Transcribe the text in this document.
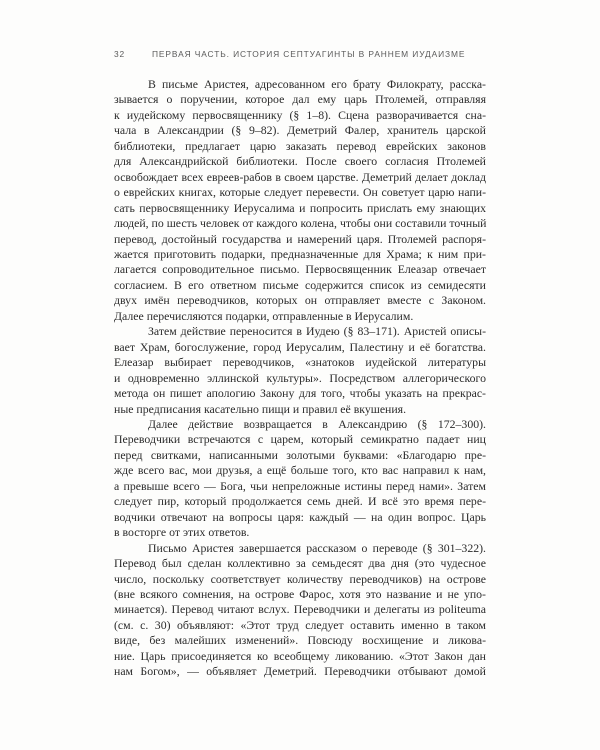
32	ПЕРВАЯ ЧАСТЬ. ИСТОРИЯ СЕПТУАГИНТЫ В РАННЕМ ИУДАИЗМЕ

В письме Аристея, адресованном его брату Филократу, расска-
зывается о поручении, которое дал ему царь Птолемей, отправляя
к иудейскому первосвященнику (§ 1–8). Сцена разворачивается сна-
чала в Александрии (§ 9–82). Деметрий Фалер, хранитель царской
библиотеки, предлагает царю заказать перевод еврейских законов
для Александрийской библиотеки. После своего согласия Птолемей
освобождает всех евреев-рабов в своем царстве. Деметрий делает доклад
о еврейских книгах, которые следует перевести. Он советует царю напи-
сать первосвященнику Иерусалима и попросить прислать ему знающих
людей, по шесть человек от каждого колена, чтобы они составили точный
перевод, достойный государства и намерений царя. Птолемей распоря-
жается приготовить подарки, предназначенные для Храма; к ним при-
лагается сопроводительное письмо. Первосвященник Елеазар отвечает
согласием. В его ответном письме содержится список из семидесяти
двух имён переводчиков, которых он отправляет вместе с Законом.
Далее перечисляются подарки, отправленные в Иерусалим.

Затем действие переносится в Иудею (§ 83–171). Аристей описы-
вает Храм, богослужение, город Иерусалим, Палестину и её богатства.
Елеазар выбирает переводчиков, «знатоков иудейской литературы
и одновременно эллинской культуры». Посредством аллегорического
метода он пишет апологию Закону для того, чтобы указать на прекрас-
ные предписания касательно пищи и правил её вкушения.

Далее действие возвращается в Александрию (§ 172–300).
Переводчики встречаются с царем, который семикратно падает ниц
перед свитками, написанными золотыми буквами: «Благодарю пре-
жде всего вас, мои друзья, а ещё больше того, кто вас направил к нам,
а превыше всего — Бога, чьи непреложные истины перед нами». Затем
следует пир, который продолжается семь дней. И всё это время пере-
водчики отвечают на вопросы царя: каждый — на один вопрос. Царь
в восторге от этих ответов.

Письмо Аристея завершается рассказом о переводе (§ 301–322).
Перевод был сделан коллективно за семьдесят два дня (это чудесное
число, поскольку соответствует количеству переводчиков) на острове
(вне всякого сомнения, на острове Фарос, хотя это название и не упо-
минается). Перевод читают вслух. Переводчики и делегаты из politeuma
(см. с. 30) объявляют: «Этот труд следует оставить именно в таком
виде, без малейших изменений». Повсюду восхищение и ликова-
ние. Царь присоединяется ко всеобщему ликованию. «Этот Закон дан
нам Богом», — объявляет Деметрий. Переводчики отбывают домой
